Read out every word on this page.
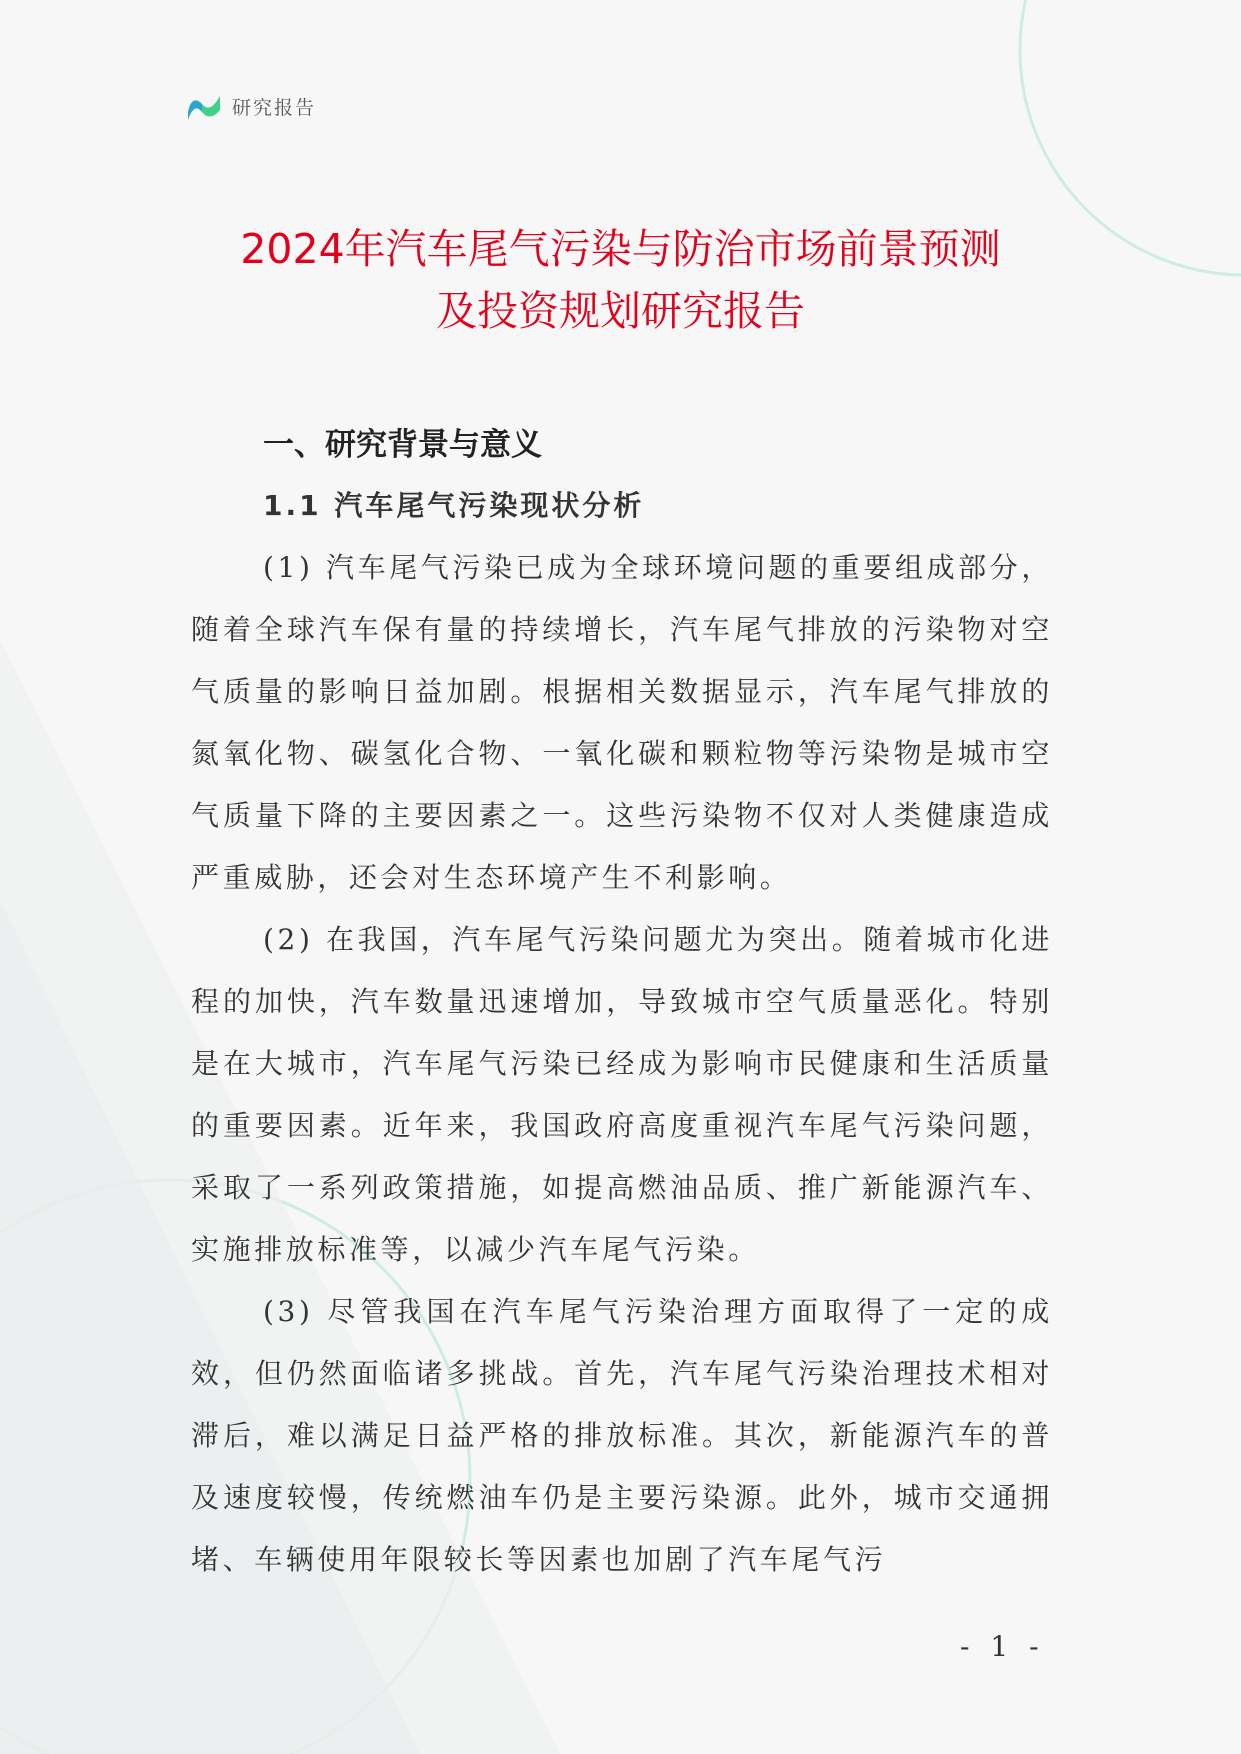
研究报告
2024年汽车尾气污染与防治市场前景预测
及投资规划研究报告
一、研究背景与意义
1.1 汽车尾气污染现状分析

(1) 汽车尾气污染已成为全球环境问题的重要组成部分，随着全球汽车保有量的持续增长，汽车尾气排放的污染物对空气质量的影响日益加剧。根据相关数据显示，汽车尾气排放的氮氧化物、碳氢化合物、一氧化碳和颗粒物等污染物是城市空气质量下降的主要因素之一。这些污染物不仅对人类健康造成严重威胁，还会对生态环境产生不利影响。

(2) 在我国，汽车尾气污染问题尤为突出。随着城市化进程的加快，汽车数量迅速增加，导致城市空气质量恶化。特别是在大城市，汽车尾气污染已经成为影响市民健康和生活质量的重要因素。近年来，我国政府高度重视汽车尾气污染问题，采取了一系列政策措施，如提高燃油品质、推广新能源汽车、实施排放标准等，以减少汽车尾气污染。

(3) 尽管我国在汽车尾气污染治理方面取得了一定的成效，但仍然面临诸多挑战。首先，汽车尾气污染治理技术相对滞后，难以满足日益严格的排放标准。其次，新能源汽车的普及速度较慢，传统燃油车仍是主要污染源。此外，城市交通拥堵、车辆使用年限较长等因素也加剧了汽车尾气污

- 1 -
